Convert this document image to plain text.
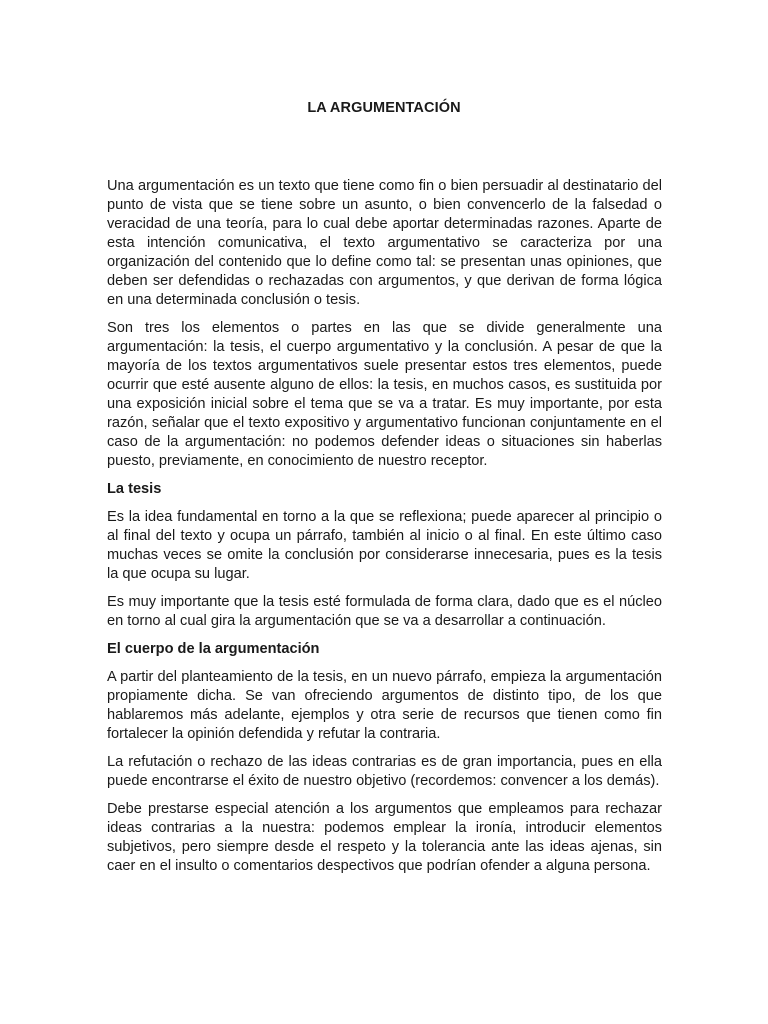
LA ARGUMENTACIÓN

Una argumentación es un texto que tiene como fin o bien persuadir al destinatario del punto de vista que se tiene sobre un asunto, o bien convencerlo de la falsedad o veracidad de una teoría, para lo cual debe aportar determinadas razones. Aparte de esta intención comunicativa, el texto argumentativo se caracteriza por una organización del contenido que lo define como tal: se presentan unas opiniones, que deben ser defendidas o rechazadas con argumentos, y que derivan de forma lógica en una determinada conclusión o tesis.

Son tres los elementos o partes en las que se divide generalmente una argumentación: la tesis, el cuerpo argumentativo y la conclusión. A pesar de que la mayoría de los textos argumentativos suele presentar estos tres elementos, puede ocurrir que esté ausente alguno de ellos: la tesis, en muchos casos, es sustituida por una exposición inicial sobre el tema que se va a tratar. Es muy importante, por esta razón, señalar que el texto expositivo y argumentativo funcionan conjuntamente en el caso de la argumentación: no podemos defender ideas o situaciones sin haberlas puesto, previamente, en conocimiento de nuestro receptor.

La tesis

Es la idea fundamental en torno a la que se reflexiona; puede aparecer al principio o al final del texto y ocupa un párrafo, también al inicio o al final. En este último caso muchas veces se omite la conclusión por considerarse innecesaria, pues es la tesis la que ocupa su lugar.

Es muy importante que la tesis esté formulada de forma clara, dado que es el núcleo en torno al cual gira la argumentación que se va a desarrollar a continuación.

El cuerpo de la argumentación

A partir del planteamiento de la tesis, en un nuevo párrafo, empieza la argumentación propiamente dicha. Se van ofreciendo argumentos de distinto tipo, de los que hablaremos más adelante, ejemplos y otra serie de recursos que tienen como fin fortalecer la opinión defendida y refutar la contraria.

La refutación o rechazo de las ideas contrarias es de gran importancia, pues en ella puede encontrarse el éxito de nuestro objetivo (recordemos: convencer a los demás).

Debe prestarse especial atención a los argumentos que empleamos para rechazar ideas contrarias a la nuestra: podemos emplear la ironía, introducir elementos subjetivos, pero siempre desde el respeto y la tolerancia ante las ideas ajenas, sin caer en el insulto o comentarios despectivos que podrían ofender a alguna persona.
